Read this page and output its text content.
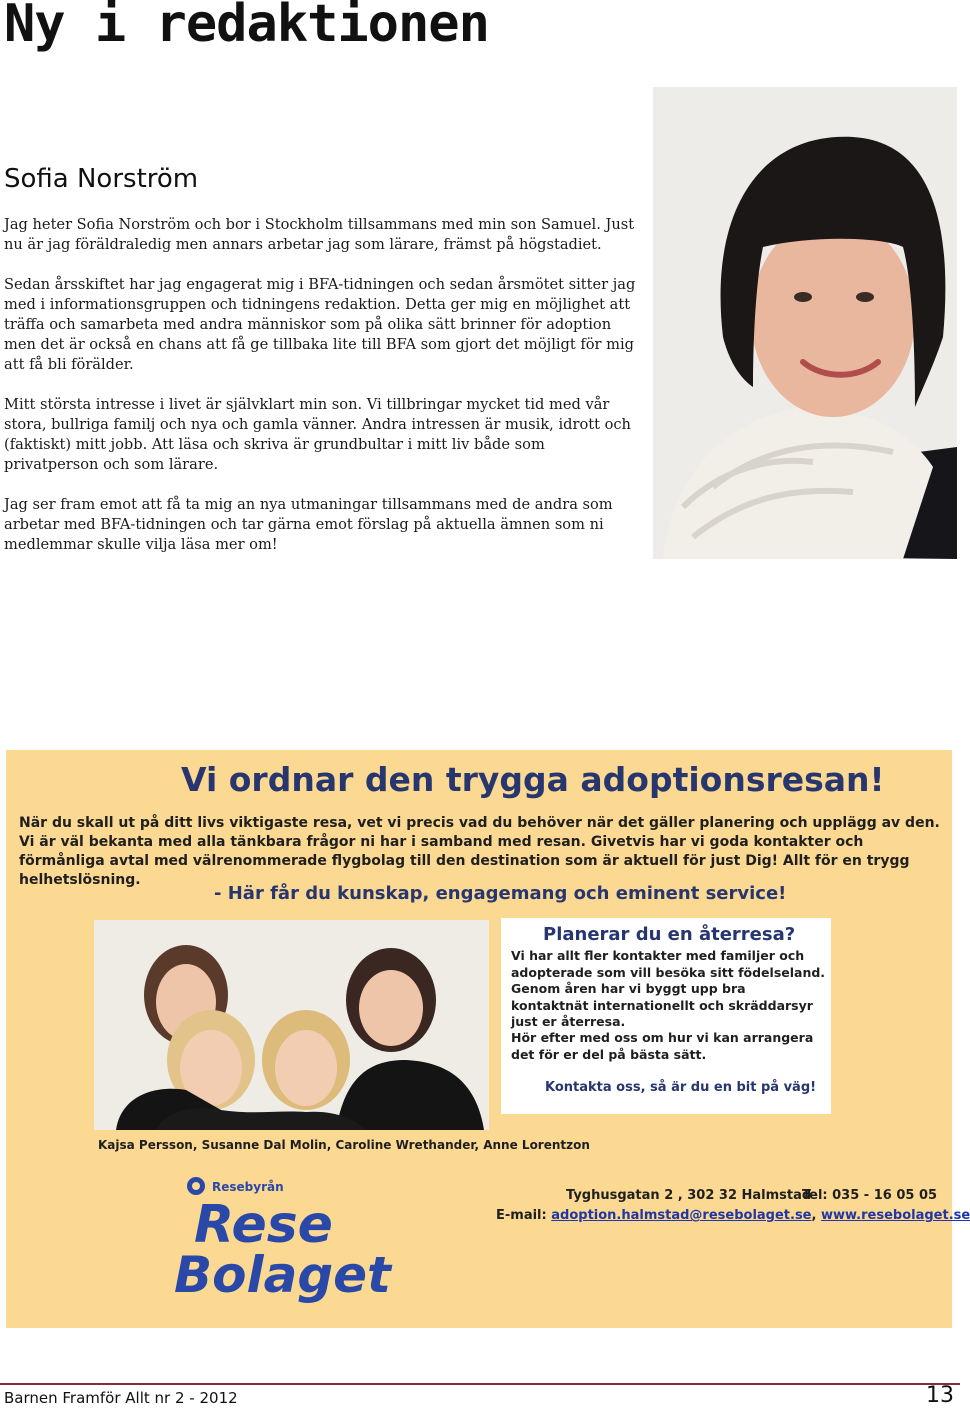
Ny i redaktionen
Sofia Norström

Jag heter Sofia Norström och bor i Stockholm tillsammans med min son Samuel. Just nu är jag föräldraledig men annars arbetar jag som lärare, främst på högstadiet.

Sedan årsskiftet har jag engagerat mig i BFA-tidningen och sedan årsmötet sitter jag med i informationsgruppen och tidningens redaktion. Detta ger mig en möjlighet att träffa och samarbeta med andra människor som på olika sätt brinner för adoption men det är också en chans att få ge tillbaka lite till BFA som gjort det möjligt för mig att få bli förälder.

Mitt största intresse i livet är självklart min son. Vi tillbringar mycket tid med vår stora, bullriga familj och nya och gamla vänner. Andra intressen är musik, idrott och (faktiskt) mitt jobb. Att läsa och skriva är grundbultar i mitt liv både som privatperson och som lärare.

Jag ser fram emot att få ta mig an nya utmaningar tillsammans med de andra som arbetar med BFA-tidningen och tar gärna emot förslag på aktuella ämnen som ni medlemmar skulle vilja läsa mer om!

Vi ordnar den trygga adoptionsresan!

När du skall ut på ditt livs viktigaste resa, vet vi precis vad du behöver när det gäller planering och upplägg av den. Vi är väl bekanta med alla tänkbara frågor ni har i samband med resan. Givetvis har vi goda kontakter och förmånliga avtal med välrenommerade flygbolag till den destination som är aktuell för just Dig! Allt för en trygg helhetslösning.

- Här får du kunskap, engagemang och eminent service!

Planerar du en återresa?

Vi har allt fler kontakter med familjer och adopterade som vill besöka sitt födelseland. Genom åren har vi byggt upp bra kontaktnät internationellt och skräddarsyr just er återresa.

Hör efter med oss om hur vi kan arrangera det för er del på bästa sätt.

Kontakta oss, så är du en bit på väg!

Kajsa Persson, Susanne Dal Molin, Caroline Wrethander, Anne Lorentzon

Resebyrån
Rese
Bolaget

Tyghusgatan 2 , 302 32 Halmstad

Tel: 035 - 16 05 05

E-mail: adoption.halmstad@resebolaget.se, www.resebolaget.se

Barnen Framför Allt nr 2 - 2012	13
